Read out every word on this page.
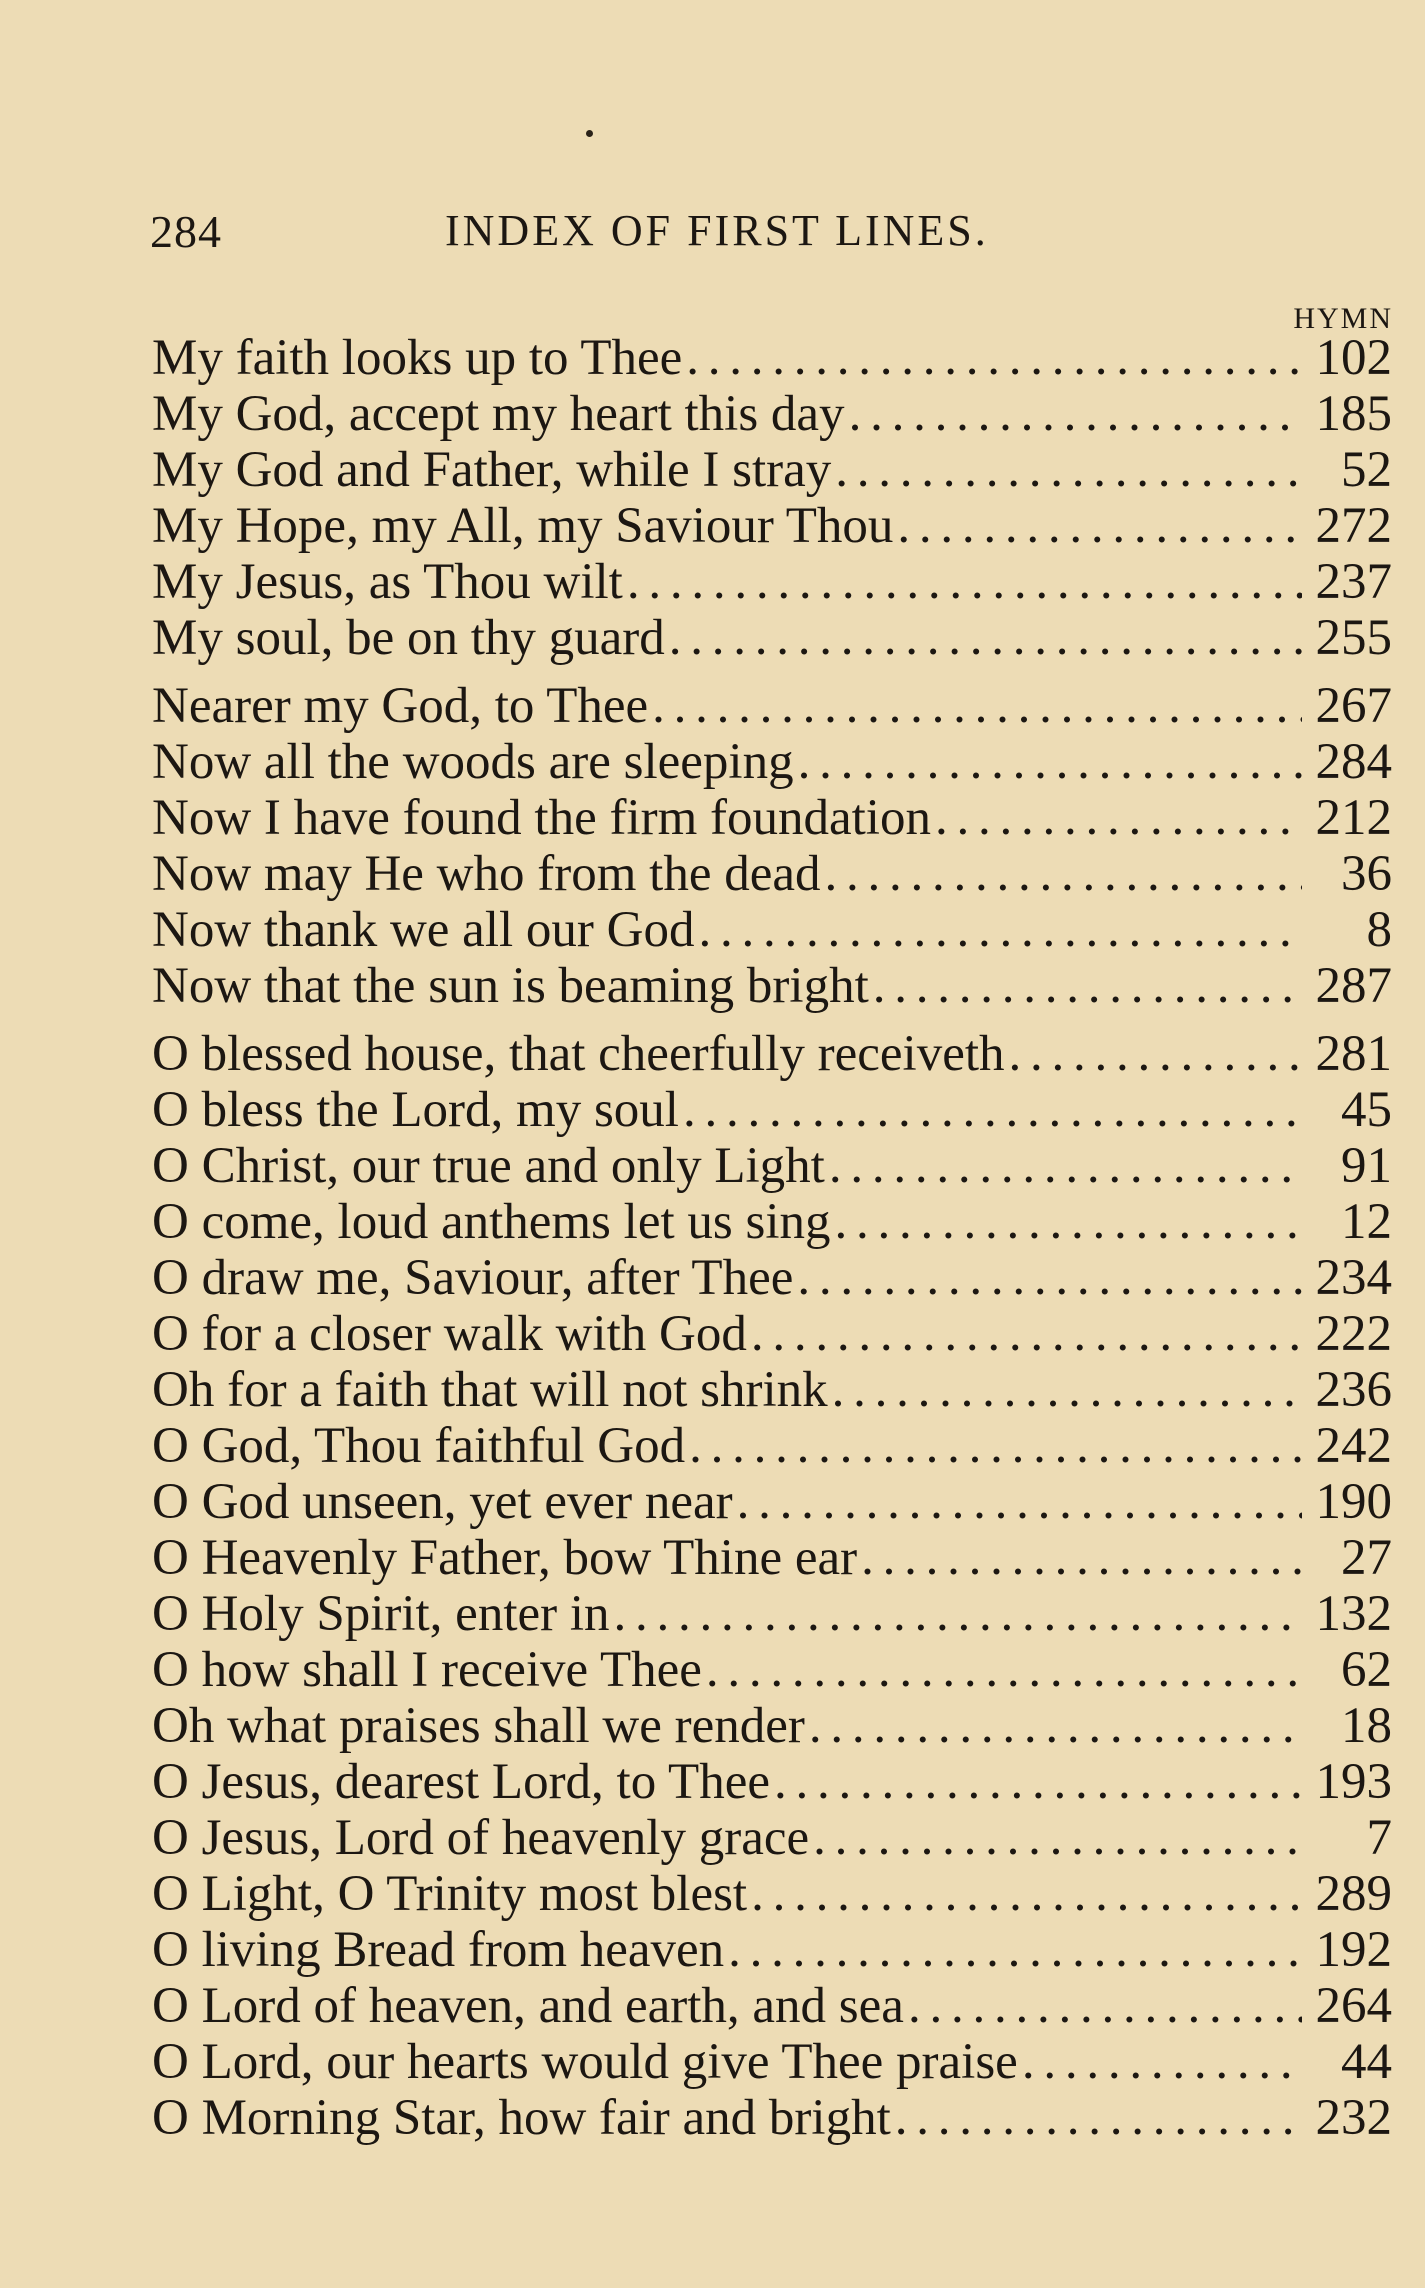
284	INDEX OF FIRST LINES.
HYMN
My faith looks up to Thee . . .	102
My God, accept my heart this day . . .	185
My God and Father, while I stray . . .	52
My Hope, my All, my Saviour Thou . . .	272
My Jesus, as Thou wilt . . .	237
My soul, be on thy guard . . .	255
Nearer my God, to Thee . . .	267
Now all the woods are sleeping . . .	284
Now I have found the firm foundation . . .	212
Now may He who from the dead . . .	36
Now thank we all our God . . .	8
Now that the sun is beaming bright . . .	287
O blessed house, that cheerfully receiveth . . .	281
O bless the Lord, my soul . . .	45
O Christ, our true and only Light . . .	91
O come, loud anthems let us sing . . .	12
O draw me, Saviour, after Thee . . .	234
O for a closer walk with God . . .	222
Oh for a faith that will not shrink . . .	236
O God, Thou faithful God . . .	242
O God unseen, yet ever near . . .	190
O Heavenly Father, bow Thine ear . . .	27
O Holy Spirit, enter in . . .	132
O how shall I receive Thee . . .	62
Oh what praises shall we render . . .	18
O Jesus, dearest Lord, to Thee . . .	193
O Jesus, Lord of heavenly grace . . .	7
O Light, O Trinity most blest . . .	289
O living Bread from heaven . . .	192
O Lord of heaven, and earth, and sea . . .	264
O Lord, our hearts would give Thee praise . . .	44
O Morning Star, how fair and bright . . .	232
